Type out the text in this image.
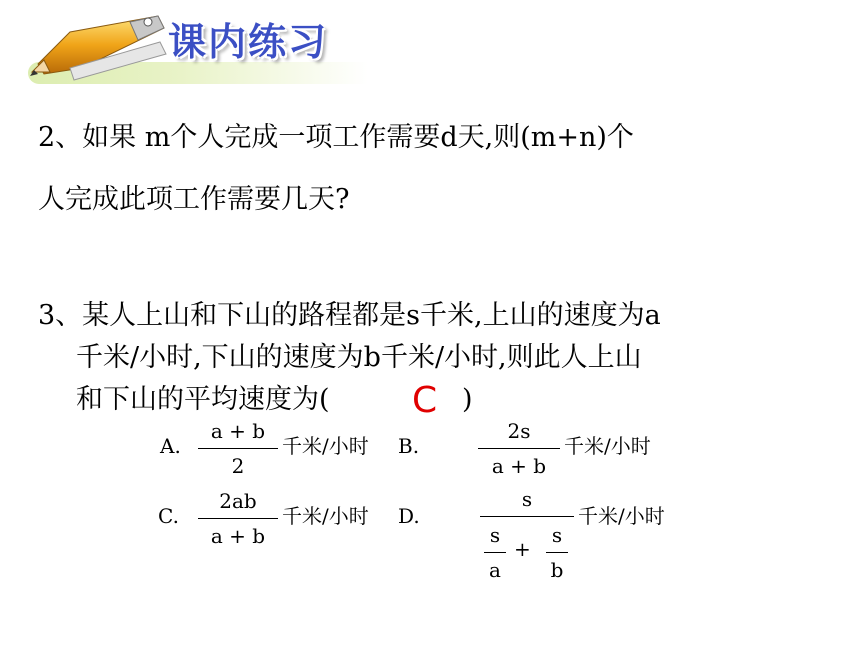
课内练习
2、如果 m个人完成一项工作需要d天,则(m+n)个
人完成此项工作需要几天?
3、某人上山和下山的路程都是s千米,上山的速度为a
千米/小时,下山的速度为b千米/小时,则此人上山
和下山的平均速度为( C )
A.
a + b
2
千米/小时 B.
2s
a + b
千米/小时
C.
2ab
a + b
千米/小时 D.
s
s
a
+
s
b
千米/小时
